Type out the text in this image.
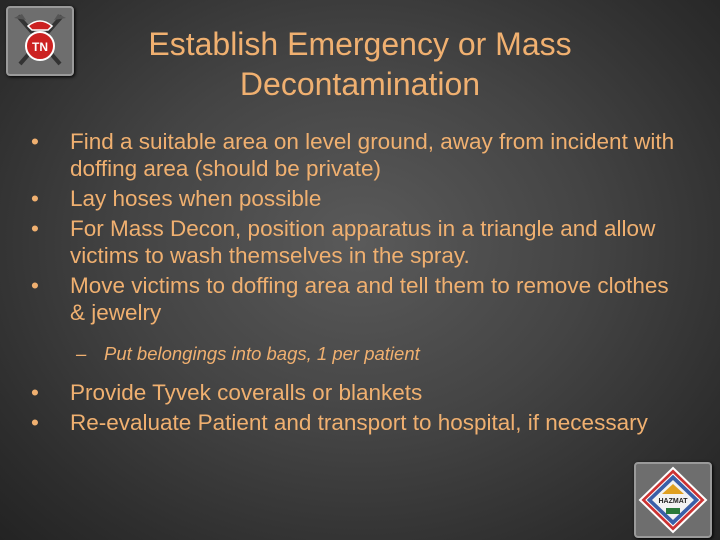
TN	Establish Emergency or Mass
Decontamination
Find a suitable area on level ground, away from incident with doffing area (should be private)
Lay hoses when possible
For Mass Decon, position apparatus in a triangle and allow victims to wash themselves in the spray.
Move victims to doffing area and tell them to remove clothes & jewelry
– Put belongings into bags, 1 per patient
Provide Tyvek coveralls or blankets
Re-evaluate Patient and transport to hospital, if necessary
HAZMAT
